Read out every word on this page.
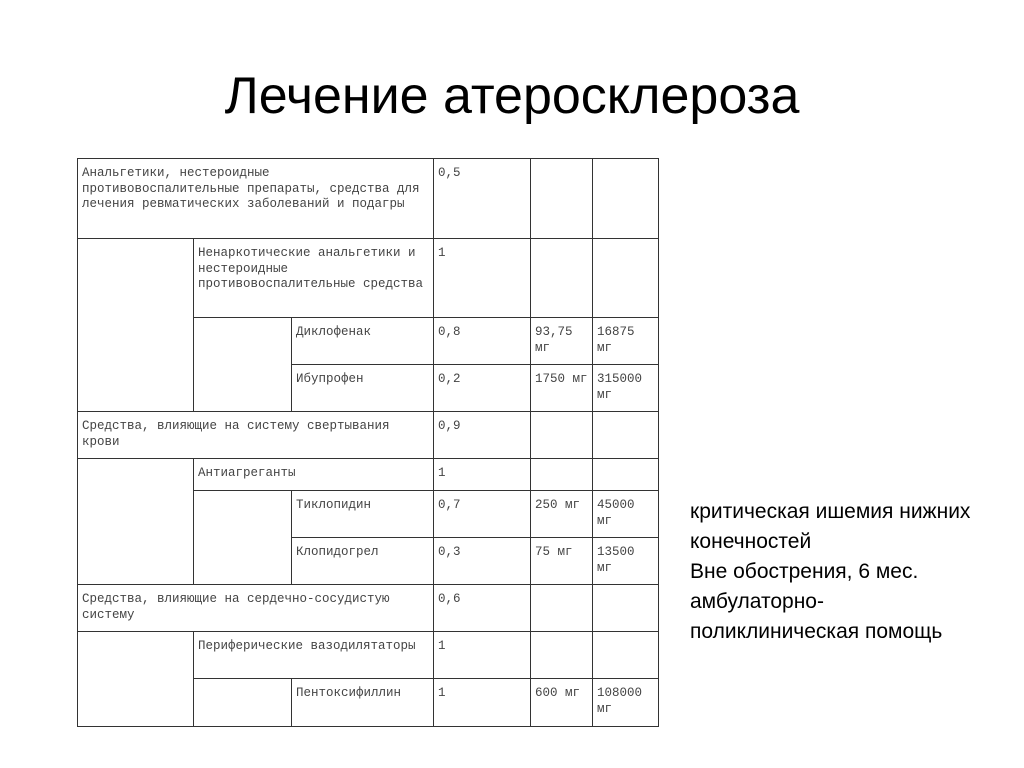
Лечение атеросклероза
Анальгетики, нестероидные противовоспалительные препараты, средства для лечения ревматических заболеваний и подагры			0,5		
	Ненаркотические анальгетики и нестероидные противовоспалительные средства		1		
		Диклофенак	0,8	93,75 мг	16875 мг
		Ибупрофен	0,2	1750 мг	315000 мг
Средства, влияющие на систему свертывания крови			0,9		
	Антиагреганты		1		
		Тиклопидин	0,7	250 мг	45000 мг
		Клопидогрел	0,3	75 мг	13500 мг
Средства, влияющие на сердечно-сосудистую систему			0,6		
	Периферические вазодилятаторы		1		
		Пентоксифиллин	1	600 мг	108000 мг
критическая ишемия нижних конечностей
Вне обострения, 6 мес.
амбулаторно-
поликлиническая помощь
